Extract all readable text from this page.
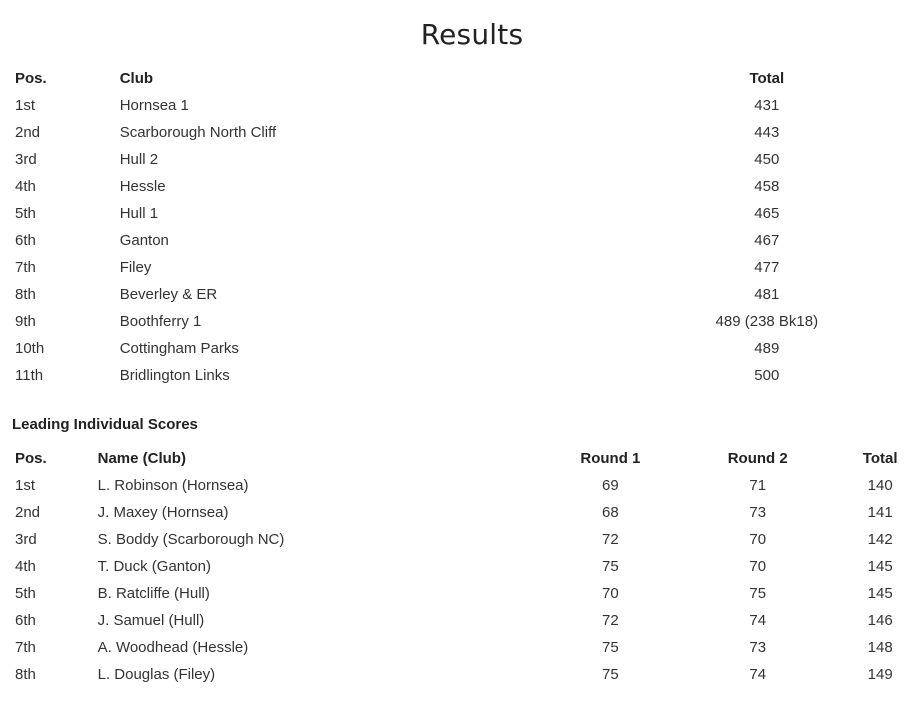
Results
Pos.	Club	Total
1st	Hornsea 1	431
2nd	Scarborough North Cliff	443
3rd	Hull 2	450
4th	Hessle	458
5th	Hull 1	465
6th	Ganton	467
7th	Filey	477
8th	Beverley & ER	481
9th	Boothferry 1	489 (238 Bk18)
10th	Cottingham Parks	489
11th	Bridlington Links	500
Leading Individual Scores
Pos.	Name (Club)	Round 1	Round 2	Total
1st	L. Robinson (Hornsea)	69	71	140
2nd	J. Maxey (Hornsea)	68	73	141
3rd	S. Boddy (Scarborough NC)	72	70	142
4th	T. Duck (Ganton)	75	70	145
5th	B. Ratcliffe (Hull)	70	75	145
6th	J. Samuel (Hull)	72	74	146
7th	A. Woodhead (Hessle)	75	73	148
8th	L. Douglas (Filey)	75	74	149
